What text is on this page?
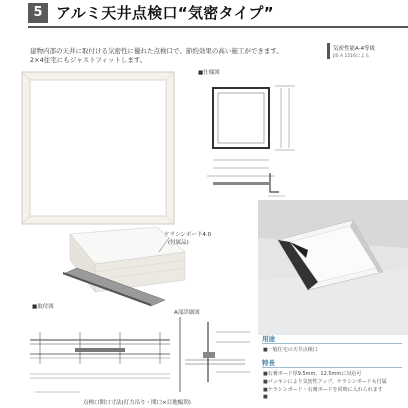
5 アルミ天井点検口“気密タイプ”
建物内部の天井に取付ける気密性に優れた点検口で、節約効果の高い施工ができます。
2×4住宅にもジャストフィットします。
気密性能A-4等級
JIS A 1516による
■仕様図
ケラシンボード4.0
(付属品)
■取付図
A部詳細図
点検口開口寸法(打力吊り・開口×目地幅別)
用途
■一般住宅の天井点検口
特長
■石膏ボード厚9.5mm、12.5mmに対応可
■パッキンにより気密性アップ、ケラシンボードも付属
■ケラシンボード・石膏ボードを同時に入れられます
■
